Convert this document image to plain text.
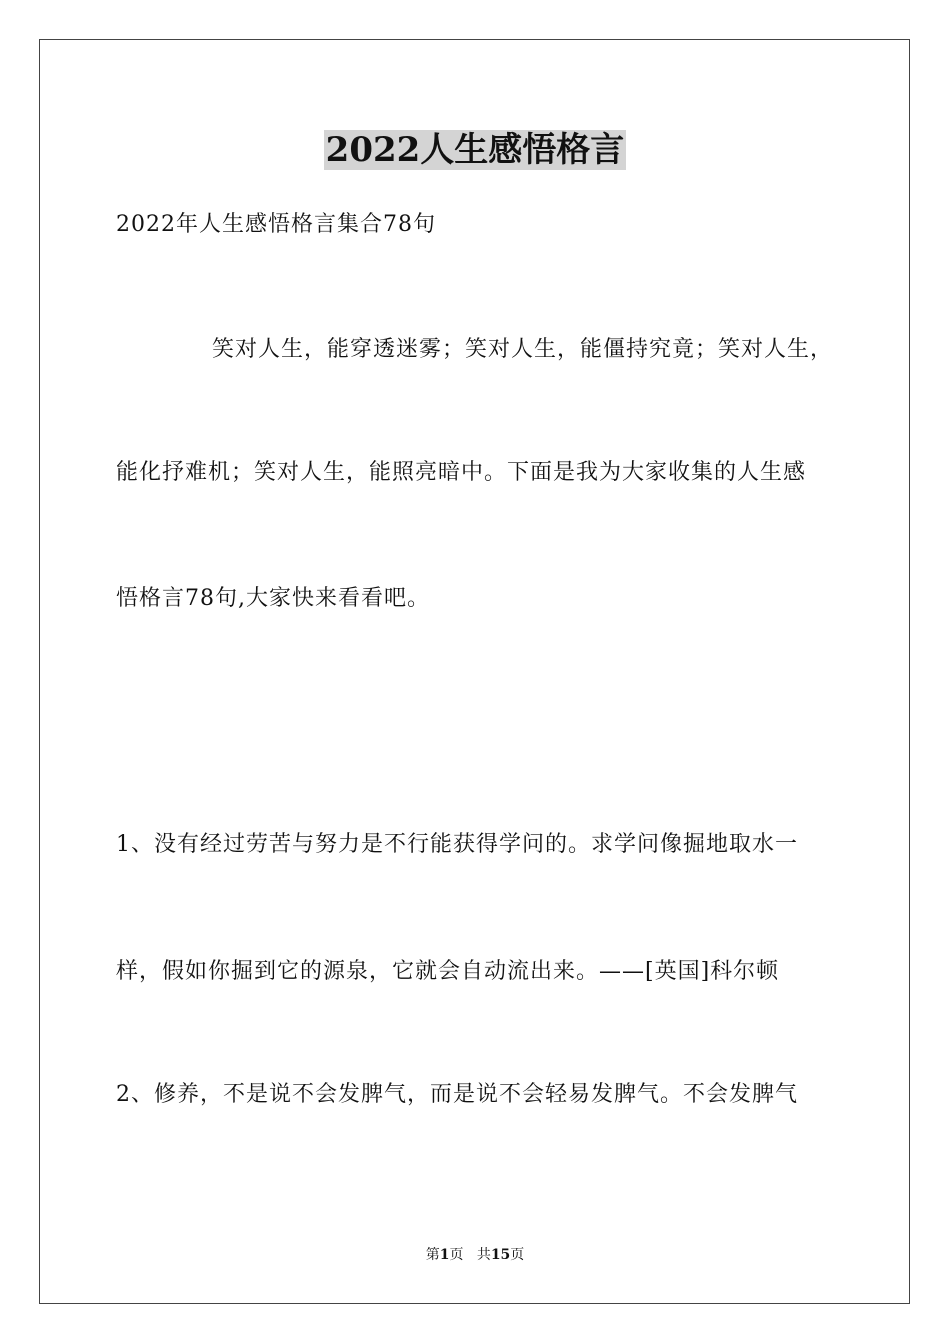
2022人生感悟格言

2022年人生感悟格言集合78句

笑对人生，能穿透迷雾；笑对人生，能僵持究竟；笑对人生，

能化抒难机；笑对人生，能照亮暗中。下面是我为大家收集的人生感

悟格言78句,大家快来看看吧。

1、没有经过劳苦与努力是不行能获得学问的。求学问像掘地取水一

样，假如你掘到它的源泉，它就会自动流出来。——[英国]科尔顿

2、修养，不是说不会发脾气，而是说不会轻易发脾气。不会发脾气

第1页 共15页
